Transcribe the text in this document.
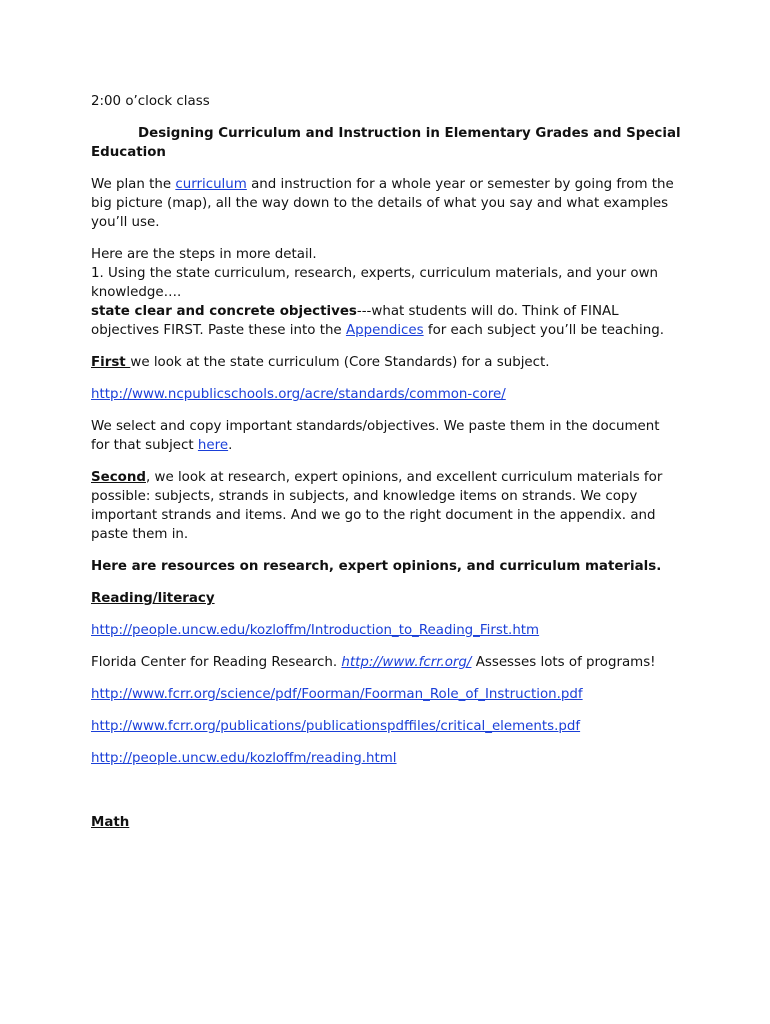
2:00 o’clock class

Designing Curriculum and Instruction in Elementary Grades and Special Education

We plan the curriculum and instruction for a whole year or semester by going from the big picture (map), all the way down to the details of what you say and what examples you’ll use.

Here are the steps in more detail.

1. Using the state curriculum, research, experts, curriculum materials, and your own knowledge….

state clear and concrete objectives---what students will do. Think of FINAL objectives FIRST. Paste these into the Appendices for each subject you’ll be teaching.

First we look at the state curriculum (Core Standards) for a subject.

http://www.ncpublicschools.org/acre/standards/common-core/

We select and copy important standards/objectives. We paste them in the document for that subject here.

Second, we look at research, expert opinions, and excellent curriculum materials for possible: subjects, strands in subjects, and knowledge items on strands. We copy important strands and items. And we go to the right document in the appendix. and paste them in.

Here are resources on research, expert opinions, and curriculum materials.

Reading/literacy

http://people.uncw.edu/kozloffm/Introduction_to_Reading_First.htm

Florida Center for Reading Research. http://www.fcrr.org/ Assesses lots of programs!

http://www.fcrr.org/science/pdf/Foorman/Foorman_Role_of_Instruction.pdf

http://www.fcrr.org/publications/publicationspdffiles/critical_elements.pdf

http://people.uncw.edu/kozloffm/reading.html

Math
